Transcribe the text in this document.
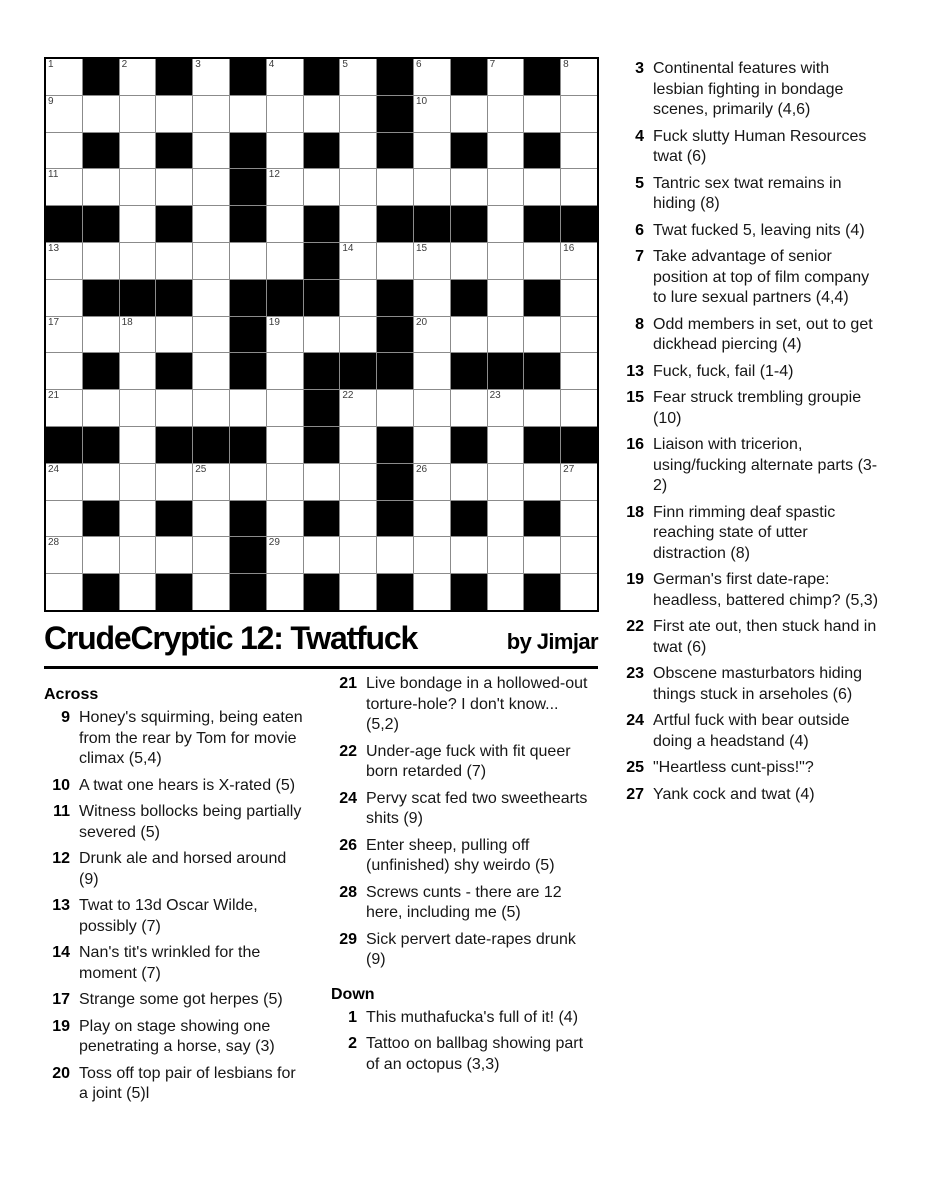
1	2	3	4	5	6	7	8
9	10
11	12
13	14	15	16
17	18	19	20
21	22	23
24	25	26	27
28	29
CrudeCryptic 12: Twatfuck	by Jimjar
Across
9 Honey's squirming, being eaten from the rear by Tom for movie climax (5,4)
10 A twat one hears is X-rated (5)
11 Witness bollocks being partially severed (5)
12 Drunk ale and horsed around (9)
13 Twat to 13d Oscar Wilde, possibly (7)
14 Nan's tit's wrinkled for the moment (7)
17 Strange some got herpes (5)
19 Play on stage showing one penetrating a horse, say (3)
20 Toss off top pair of lesbians for a joint (5)l
21 Live bondage in a hollowed-out torture-hole? I don't know... (5,2)
22 Under-age fuck with fit queer born retarded (7)
24 Pervy scat fed two sweethearts shits (9)
26 Enter sheep, pulling off (unfinished) shy weirdo (5)
28 Screws cunts - there are 12 here, including me (5)
29 Sick pervert date-rapes drunk (9)
Down
1 This muthafucka's full of it! (4)
2 Tattoo on ballbag showing part of an octopus (3,3)
3 Continental features with lesbian fighting in bondage scenes, primarily (4,6)
4 Fuck slutty Human Resources twat (6)
5 Tantric sex twat remains in hiding (8)
6 Twat fucked 5, leaving nits (4)
7 Take advantage of senior position at top of film company to lure sexual partners (4,4)
8 Odd members in set, out to get dickhead piercing (4)
13 Fuck, fuck, fail (1-4)
15 Fear struck trembling groupie (10)
16 Liaison with tricerion, using/fucking alternate parts (3-2)
18 Finn rimming deaf spastic reaching state of utter distraction (8)
19 German's first date-rape: headless, battered chimp? (5,3)
22 First ate out, then stuck hand in twat (6)
23 Obscene masturbators hiding things stuck in arseholes (6)
24 Artful fuck with bear outside doing a headstand (4)
25 "Heartless cunt-piss!"?
27 Yank cock and twat (4)
